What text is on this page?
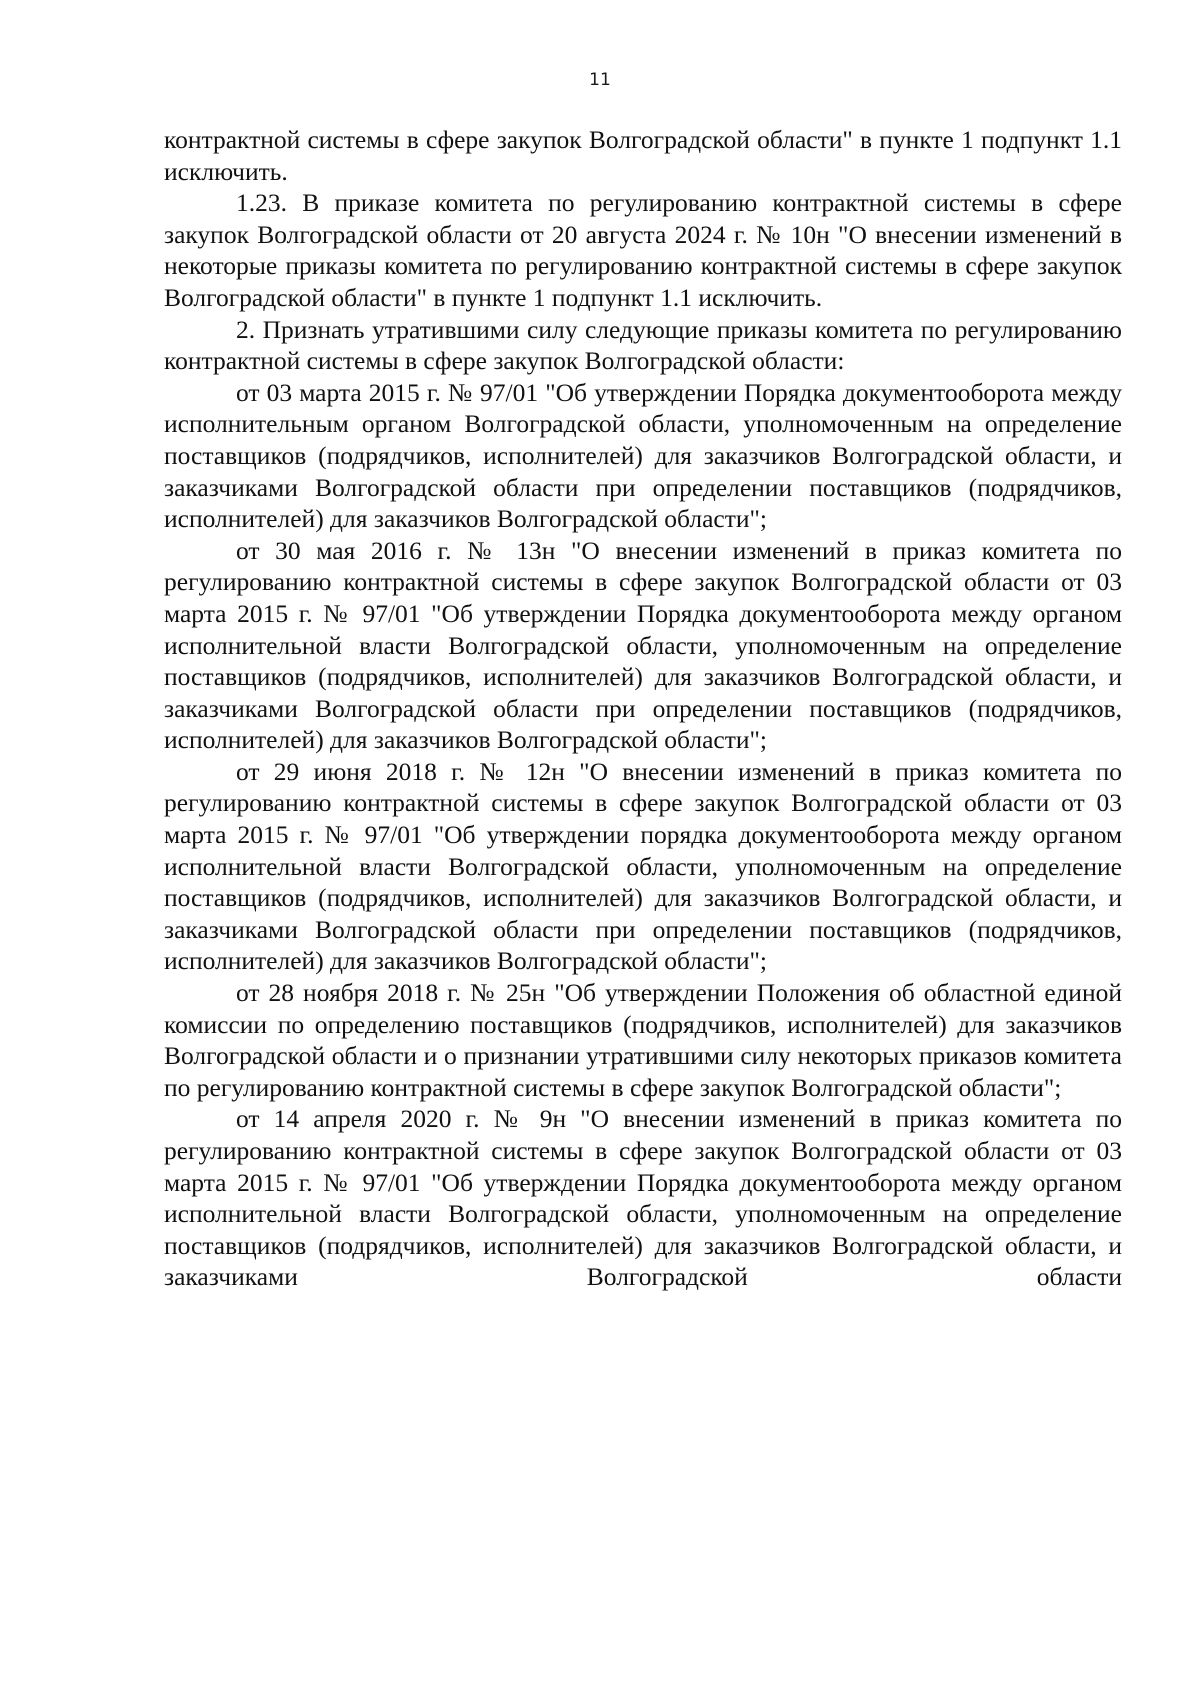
11

контрактной системы в сфере закупок Волгоградской области" в пункте 1 подпункт 1.1 исключить.

1.23. В приказе комитета по регулированию контрактной системы в сфере закупок Волгоградской области от 20 августа 2024 г. № 10н "О внесении изменений в некоторые приказы комитета по регулированию контрактной системы в сфере закупок Волгоградской области" в пункте 1 подпункт 1.1 исключить.

2. Признать утратившими силу следующие приказы комитета по регулированию контрактной системы в сфере закупок Волгоградской области:

от 03 марта 2015 г. № 97/01 "Об утверждении Порядка документооборота между исполнительным органом Волгоградской области, уполномоченным на определение поставщиков (подрядчиков, исполнителей) для заказчиков Волгоградской области, и заказчиками Волгоградской области при определении поставщиков (подрядчиков, исполнителей) для заказчиков Волгоградской области";

от 30 мая 2016 г. № 13н "О внесении изменений в приказ комитета по регулированию контрактной системы в сфере закупок Волгоградской области от 03 марта 2015 г. № 97/01 "Об утверждении Порядка документооборота между органом исполнительной власти Волгоградской области, уполномоченным на определение поставщиков (подрядчиков, исполнителей) для заказчиков Волгоградской области, и заказчиками Волгоградской области при определении поставщиков (подрядчиков, исполнителей) для заказчиков Волгоградской области";

от 29 июня 2018 г. № 12н "О внесении изменений в приказ комитета по регулированию контрактной системы в сфере закупок Волгоградской области от 03 марта 2015 г. № 97/01 "Об утверждении порядка документооборота между органом исполнительной власти Волгоградской области, уполномоченным на определение поставщиков (подрядчиков, исполнителей) для заказчиков Волгоградской области, и заказчиками Волгоградской области при определении поставщиков (подрядчиков, исполнителей) для заказчиков Волгоградской области";

от 28 ноября 2018 г. № 25н "Об утверждении Положения об областной единой комиссии по определению поставщиков (подрядчиков, исполнителей) для заказчиков Волгоградской области и о признании утратившими силу некоторых приказов комитета по регулированию контрактной системы в сфере закупок Волгоградской области";

от 14 апреля 2020 г. № 9н "О внесении изменений в приказ комитета по регулированию контрактной системы в сфере закупок Волгоградской области от 03 марта 2015 г. № 97/01 "Об утверждении Порядка документооборота между органом исполнительной власти Волгоградской области, уполномоченным на определение поставщиков (подрядчиков, исполнителей) для заказчиков Волгоградской области, и заказчиками Волгоградской области
